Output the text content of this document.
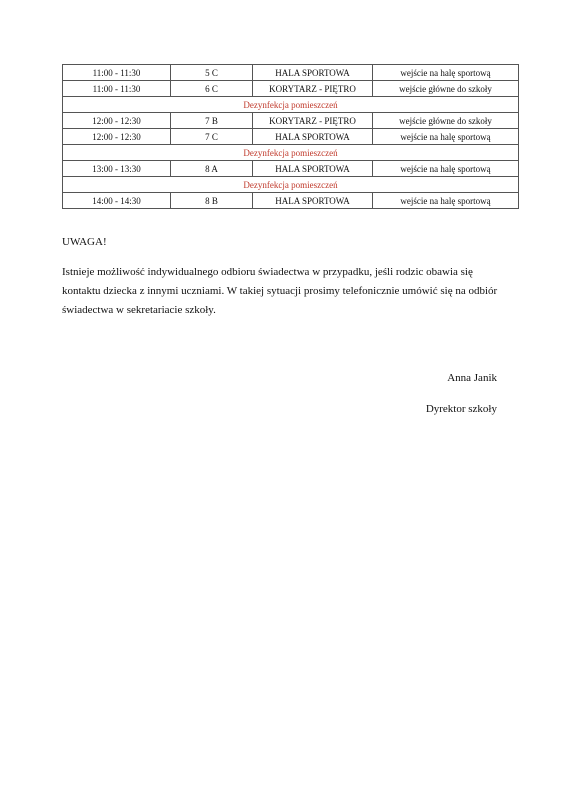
11:00 - 11:30	5 C	HALA SPORTOWA	wejście na halę sportową
11:00 - 11:30	6 C	KORYTARZ - PIĘTRO	wejście główne do szkoły
Dezynfekcja pomieszczeń			
12:00 - 12:30	7 B	KORYTARZ - PIĘTRO	wejście główne do szkoły
12:00 - 12:30	7 C	HALA SPORTOWA	wejście na halę sportową
Dezynfekcja pomieszczeń			
13:00 - 13:30	8 A	HALA SPORTOWA	wejście na halę sportową
Dezynfekcja pomieszczeń			
14:00 - 14:30	8 B	HALA SPORTOWA	wejście na halę sportową

UWAGA!

Istnieje możliwość indywidualnego odbioru świadectwa w przypadku, jeśli rodzic obawia się kontaktu dziecka z innymi uczniami. W takiej sytuacji prosimy telefonicznie umówić się na odbiór świadectwa w sekretariacie szkoły.

Anna Janik

Dyrektor szkoły
